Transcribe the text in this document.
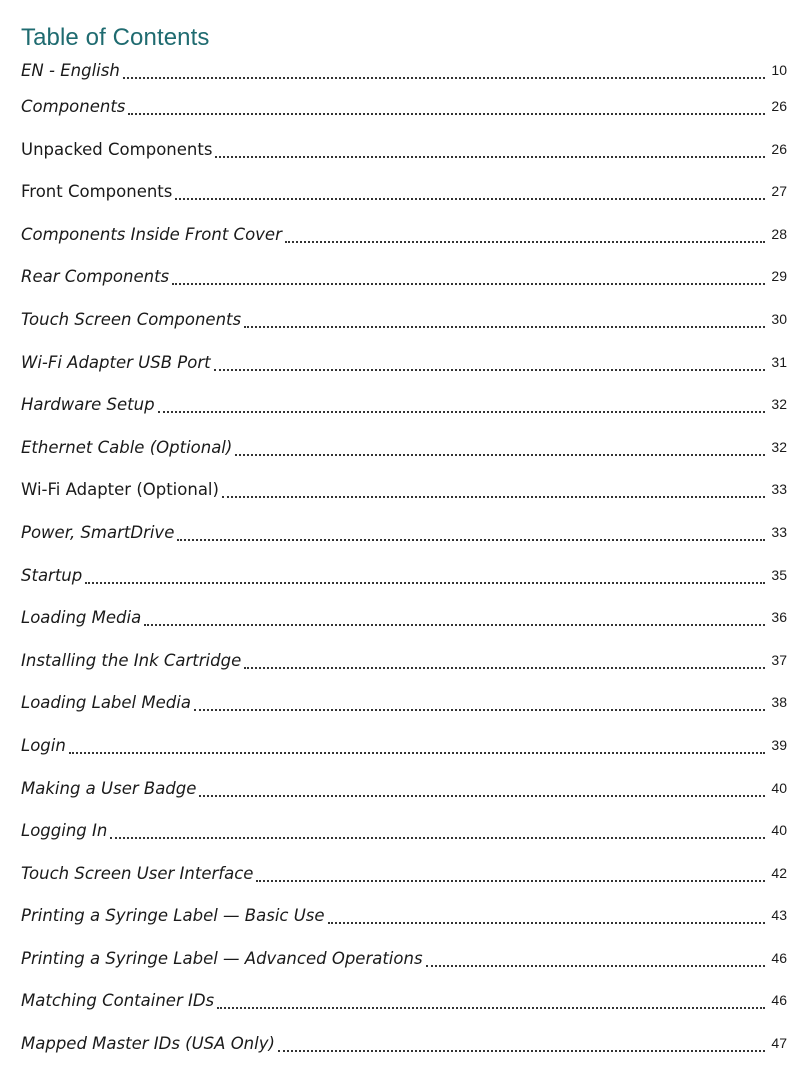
Table of Contents
EN - English	10
Components	26
Unpacked Components	26
Front Components	27
Components Inside Front Cover	28
Rear Components	29
Touch Screen Components	30
Wi-Fi Adapter USB Port	31
Hardware Setup	32
Ethernet Cable (Optional)	32
Wi-Fi Adapter (Optional)	33
Power, SmartDrive	33
Startup	35
Loading Media	36
Installing the Ink Cartridge	37
Loading Label Media	38
Login	39
Making a User Badge	40
Logging In	40
Touch Screen User Interface	42
Printing a Syringe Label — Basic Use	43
Printing a Syringe Label — Advanced Operations	46
Matching Container IDs	46
Mapped Master IDs (USA Only)	47
